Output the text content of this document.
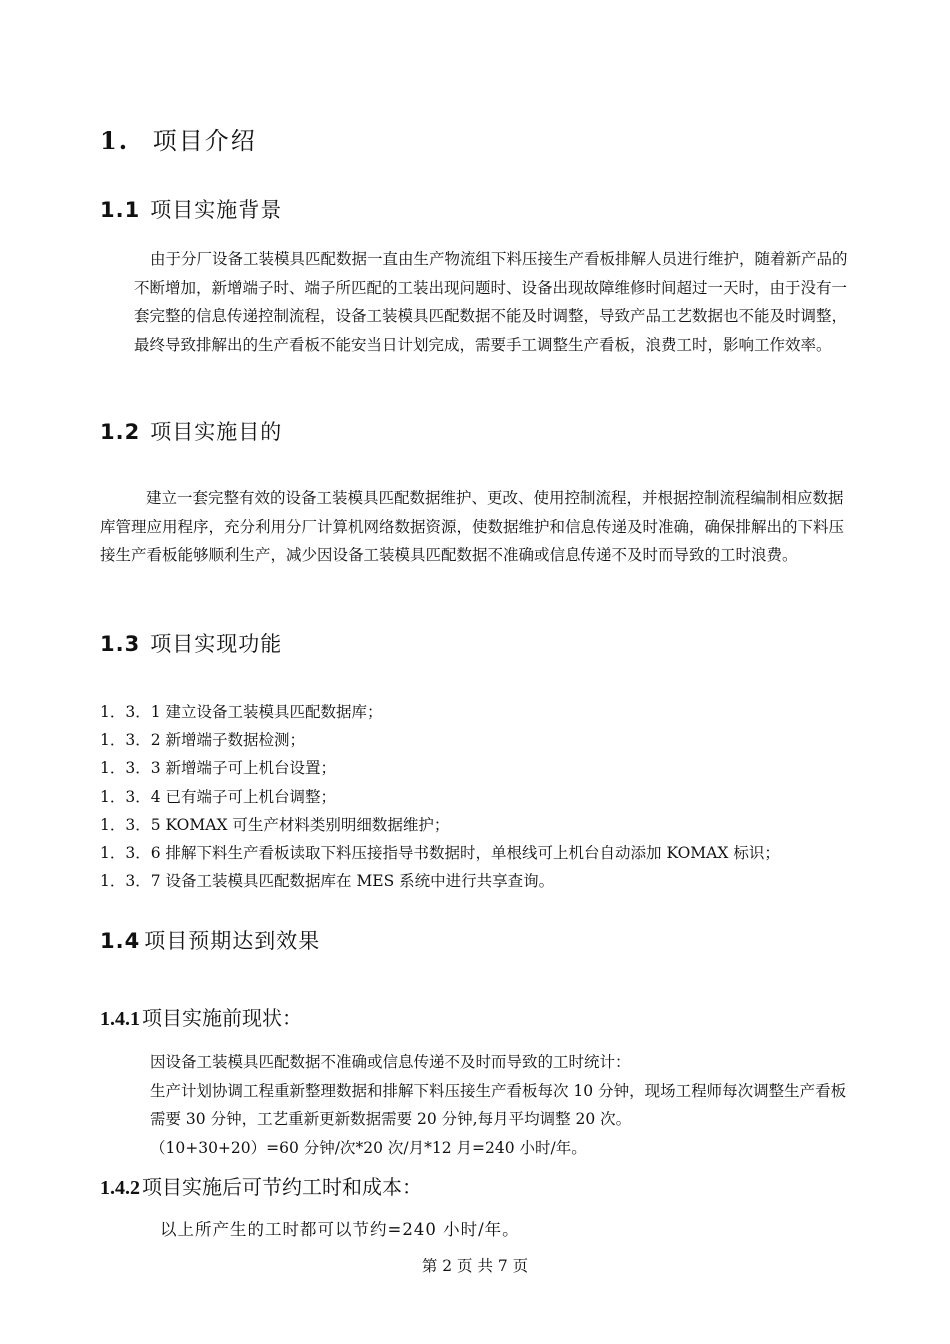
1. 项目介绍
1.1 项目实施背景

由于分厂设备工装模具匹配数据一直由生产物流组下料压接生产看板排解人员进行维护，随着新产品的不断增加，新增端子时、端子所匹配的工装出现问题时、设备出现故障维修时间超过一天时，由于没有一套完整的信息传递控制流程，设备工装模具匹配数据不能及时调整，导致产品工艺数据也不能及时调整，最终导致排解出的生产看板不能安当日计划完成，需要手工调整生产看板，浪费工时，影响工作效率。

1.2 项目实施目的

建立一套完整有效的设备工装模具匹配数据维护、更改、使用控制流程，并根据控制流程编制相应数据库管理应用程序，充分利用分厂计算机网络数据资源，使数据维护和信息传递及时准确，确保排解出的下料压接生产看板能够顺利生产，减少因设备工装模具匹配数据不准确或信息传递不及时而导致的工时浪费。

1.3 项目实现功能
1．3．1 建立设备工装模具匹配数据库；
1．3．2 新增端子数据检测；
1．3．3 新增端子可上机台设置；
1．3．4 已有端子可上机台调整；
1．3．5 KOMAX 可生产材料类别明细数据维护；
1．3．6 排解下料生产看板读取下料压接指导书数据时，单根线可上机台自动添加 KOMAX 标识；
1．3．7 设备工装模具匹配数据库在 MES 系统中进行共享查询。
1.4 项目预期达到效果
1.4.1 项目实施前现状：

因设备工装模具匹配数据不准确或信息传递不及时而导致的工时统计：

生产计划协调工程重新整理数据和排解下料压接生产看板每次 10 分钟，现场工程师每次调整生产看板需要 30 分钟，工艺重新更新数据需要 20 分钟,每月平均调整 20 次。

（10+30+20）=60 分钟/次*20 次/月*12 月=240 小时/年。

1.4.2 项目实施后可节约工时和成本：
以上所产生的工时都可以节约=240 小时/年。
第 2 页 共 7 页
